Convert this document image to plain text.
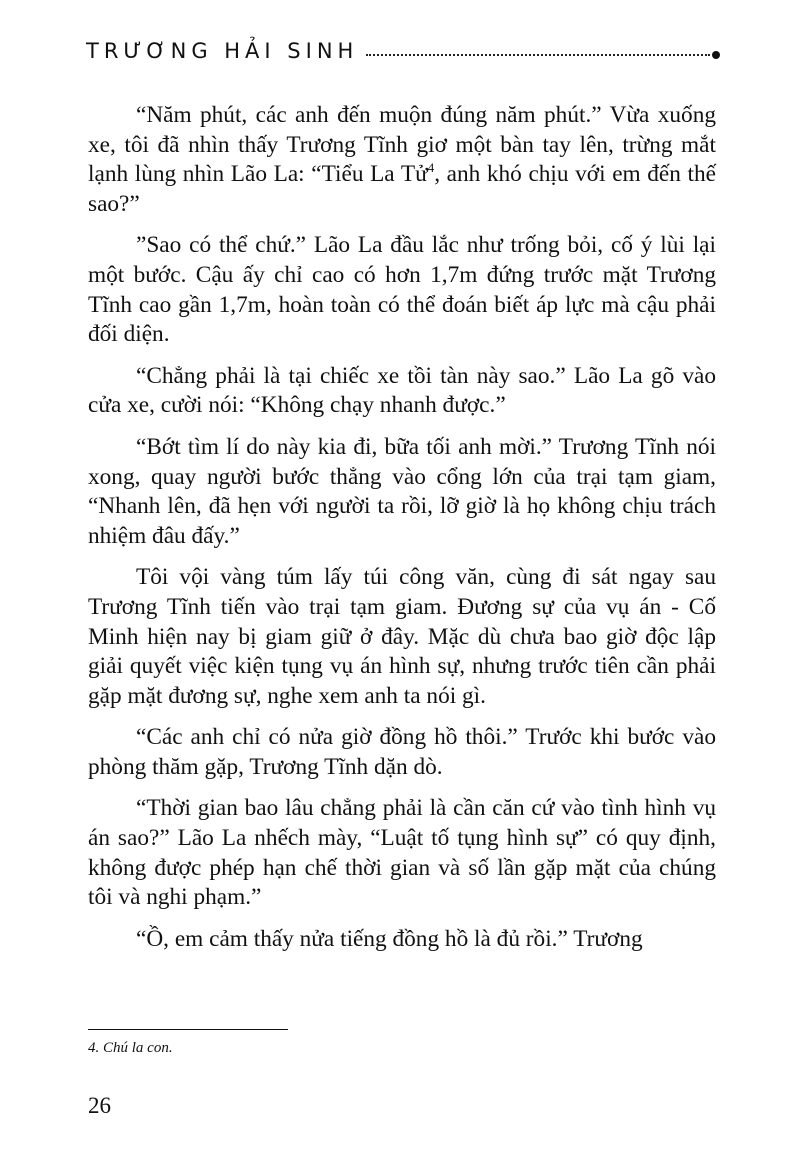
TRƯƠNG HẢI SINH

“Năm phút, các anh đến muộn đúng năm phút.” Vừa xuống xe, tôi đã nhìn thấy Trương Tĩnh giơ một bàn tay lên, trừng mắt lạnh lùng nhìn Lão La: “Tiểu La Tử$^4$, anh khó chịu với em đến thế sao?”

”Sao có thể chứ.” Lão La đầu lắc như trống bỏi, cố ý lùi lại một bước. Cậu ấy chỉ cao có hơn 1,7m đứng trước mặt Trương Tĩnh cao gần 1,7m, hoàn toàn có thể đoán biết áp lực mà cậu phải đối diện.

“Chẳng phải là tại chiếc xe tồi tàn này sao.” Lão La gõ vào cửa xe, cười nói: “Không chạy nhanh được.”

“Bớt tìm lí do này kia đi, bữa tối anh mời.” Trương Tĩnh nói xong, quay người bước thẳng vào cổng lớn của trại tạm giam, “Nhanh lên, đã hẹn với người ta rồi, lỡ giờ là họ không chịu trách nhiệm đâu đấy.”

Tôi vội vàng túm lấy túi công văn, cùng đi sát ngay sau Trương Tĩnh tiến vào trại tạm giam. Đương sự của vụ án - Cố Minh hiện nay bị giam giữ ở đây. Mặc dù chưa bao giờ độc lập giải quyết việc kiện tụng vụ án hình sự, nhưng trước tiên cần phải gặp mặt đương sự, nghe xem anh ta nói gì.

“Các anh chỉ có nửa giờ đồng hồ thôi.” Trước khi bước vào phòng thăm gặp, Trương Tĩnh dặn dò.

“Thời gian bao lâu chẳng phải là cần căn cứ vào tình hình vụ án sao?” Lão La nhếch mày, “Luật tố tụng hình sự” có quy định, không được phép hạn chế thời gian và số lần gặp mặt của chúng tôi và nghi phạm.”

“Ồ, em cảm thấy nửa tiếng đồng hồ là đủ rồi.” Trương

4. Chú la con.
26
